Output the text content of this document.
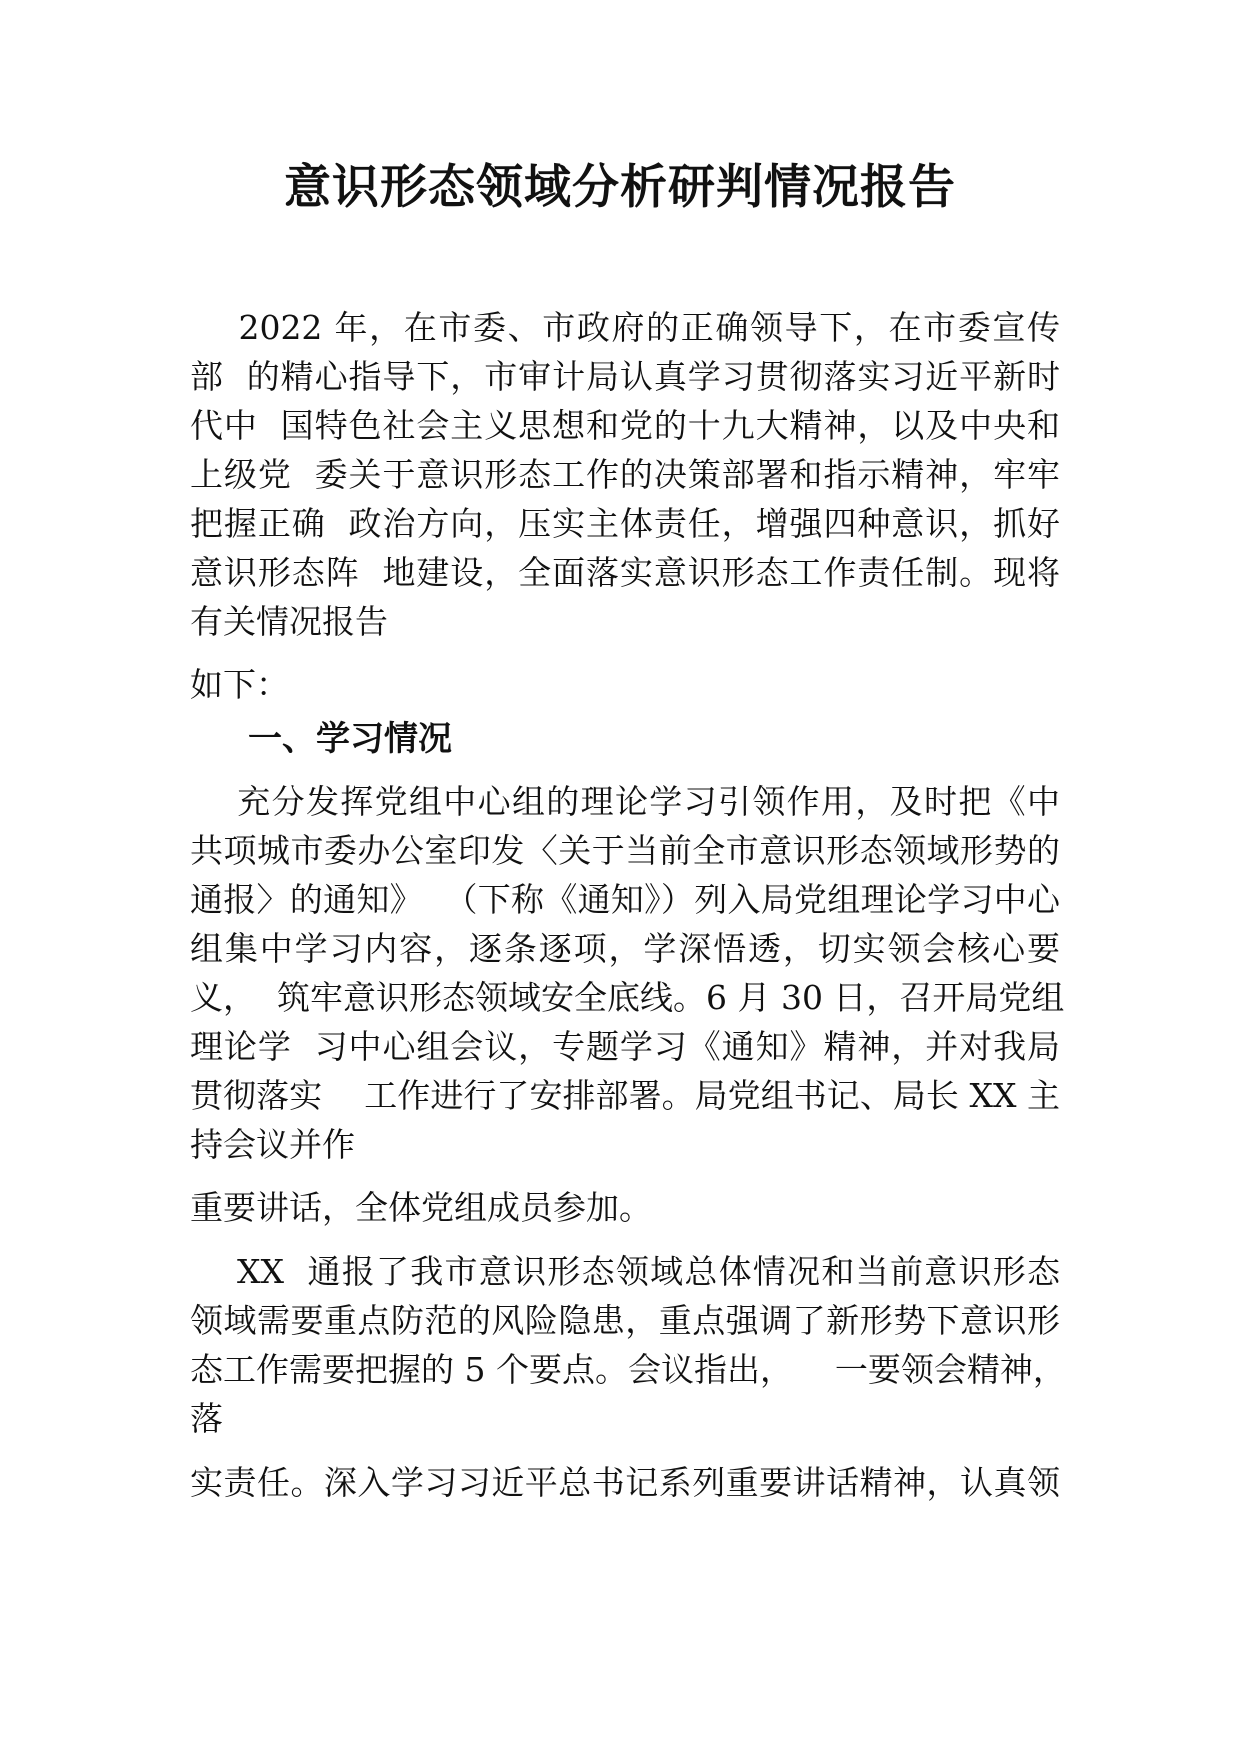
意识形态领域分析研判情况报告

2022 年，在市委、市政府的正确领导下，在市委宣传

部  的精心指导下，市审计局认真学习贯彻落实习近平新时

代中  国特色社会主义思想和党的十九大精神，以及中央和

上级党  委关于意识形态工作的决策部署和指示精神，牢牢

把握正确  政治方向，压实主体责任，增强四种意识，抓好

意识形态阵  地建设，全面落实意识形态工作责任制。现将

有关情况报告

如下：

一、学习情况

充分发挥党组中心组的理论学习引领作用，及时把《中

共项城市委办公室印发〈关于当前全市意识形态领域形势的

通报〉的通知》  （下称《通知》）列入局党组理论学习中心

组集中学习内容，逐条逐项，学深悟透，切实领会核心要

义，  筑牢意识形态领域安全底线。6 月 30 日，召开局党组

理论学  习中心组会议，专题学习《通知》精神，并对我局

贯彻落实    工作进行了安排部署。局党组书记、局长 XX 主

持会议并作

重要讲话，全体党组成员参加。

XX  通报了我市意识形态领域总体情况和当前意识形态

领域需要重点防范的风险隐患，重点强调了新形势下意识形

态工作需要把握的 5 个要点。会议指出，    一要领会精神，

落

实责任。深入学习习近平总书记系列重要讲话精神，认真领
